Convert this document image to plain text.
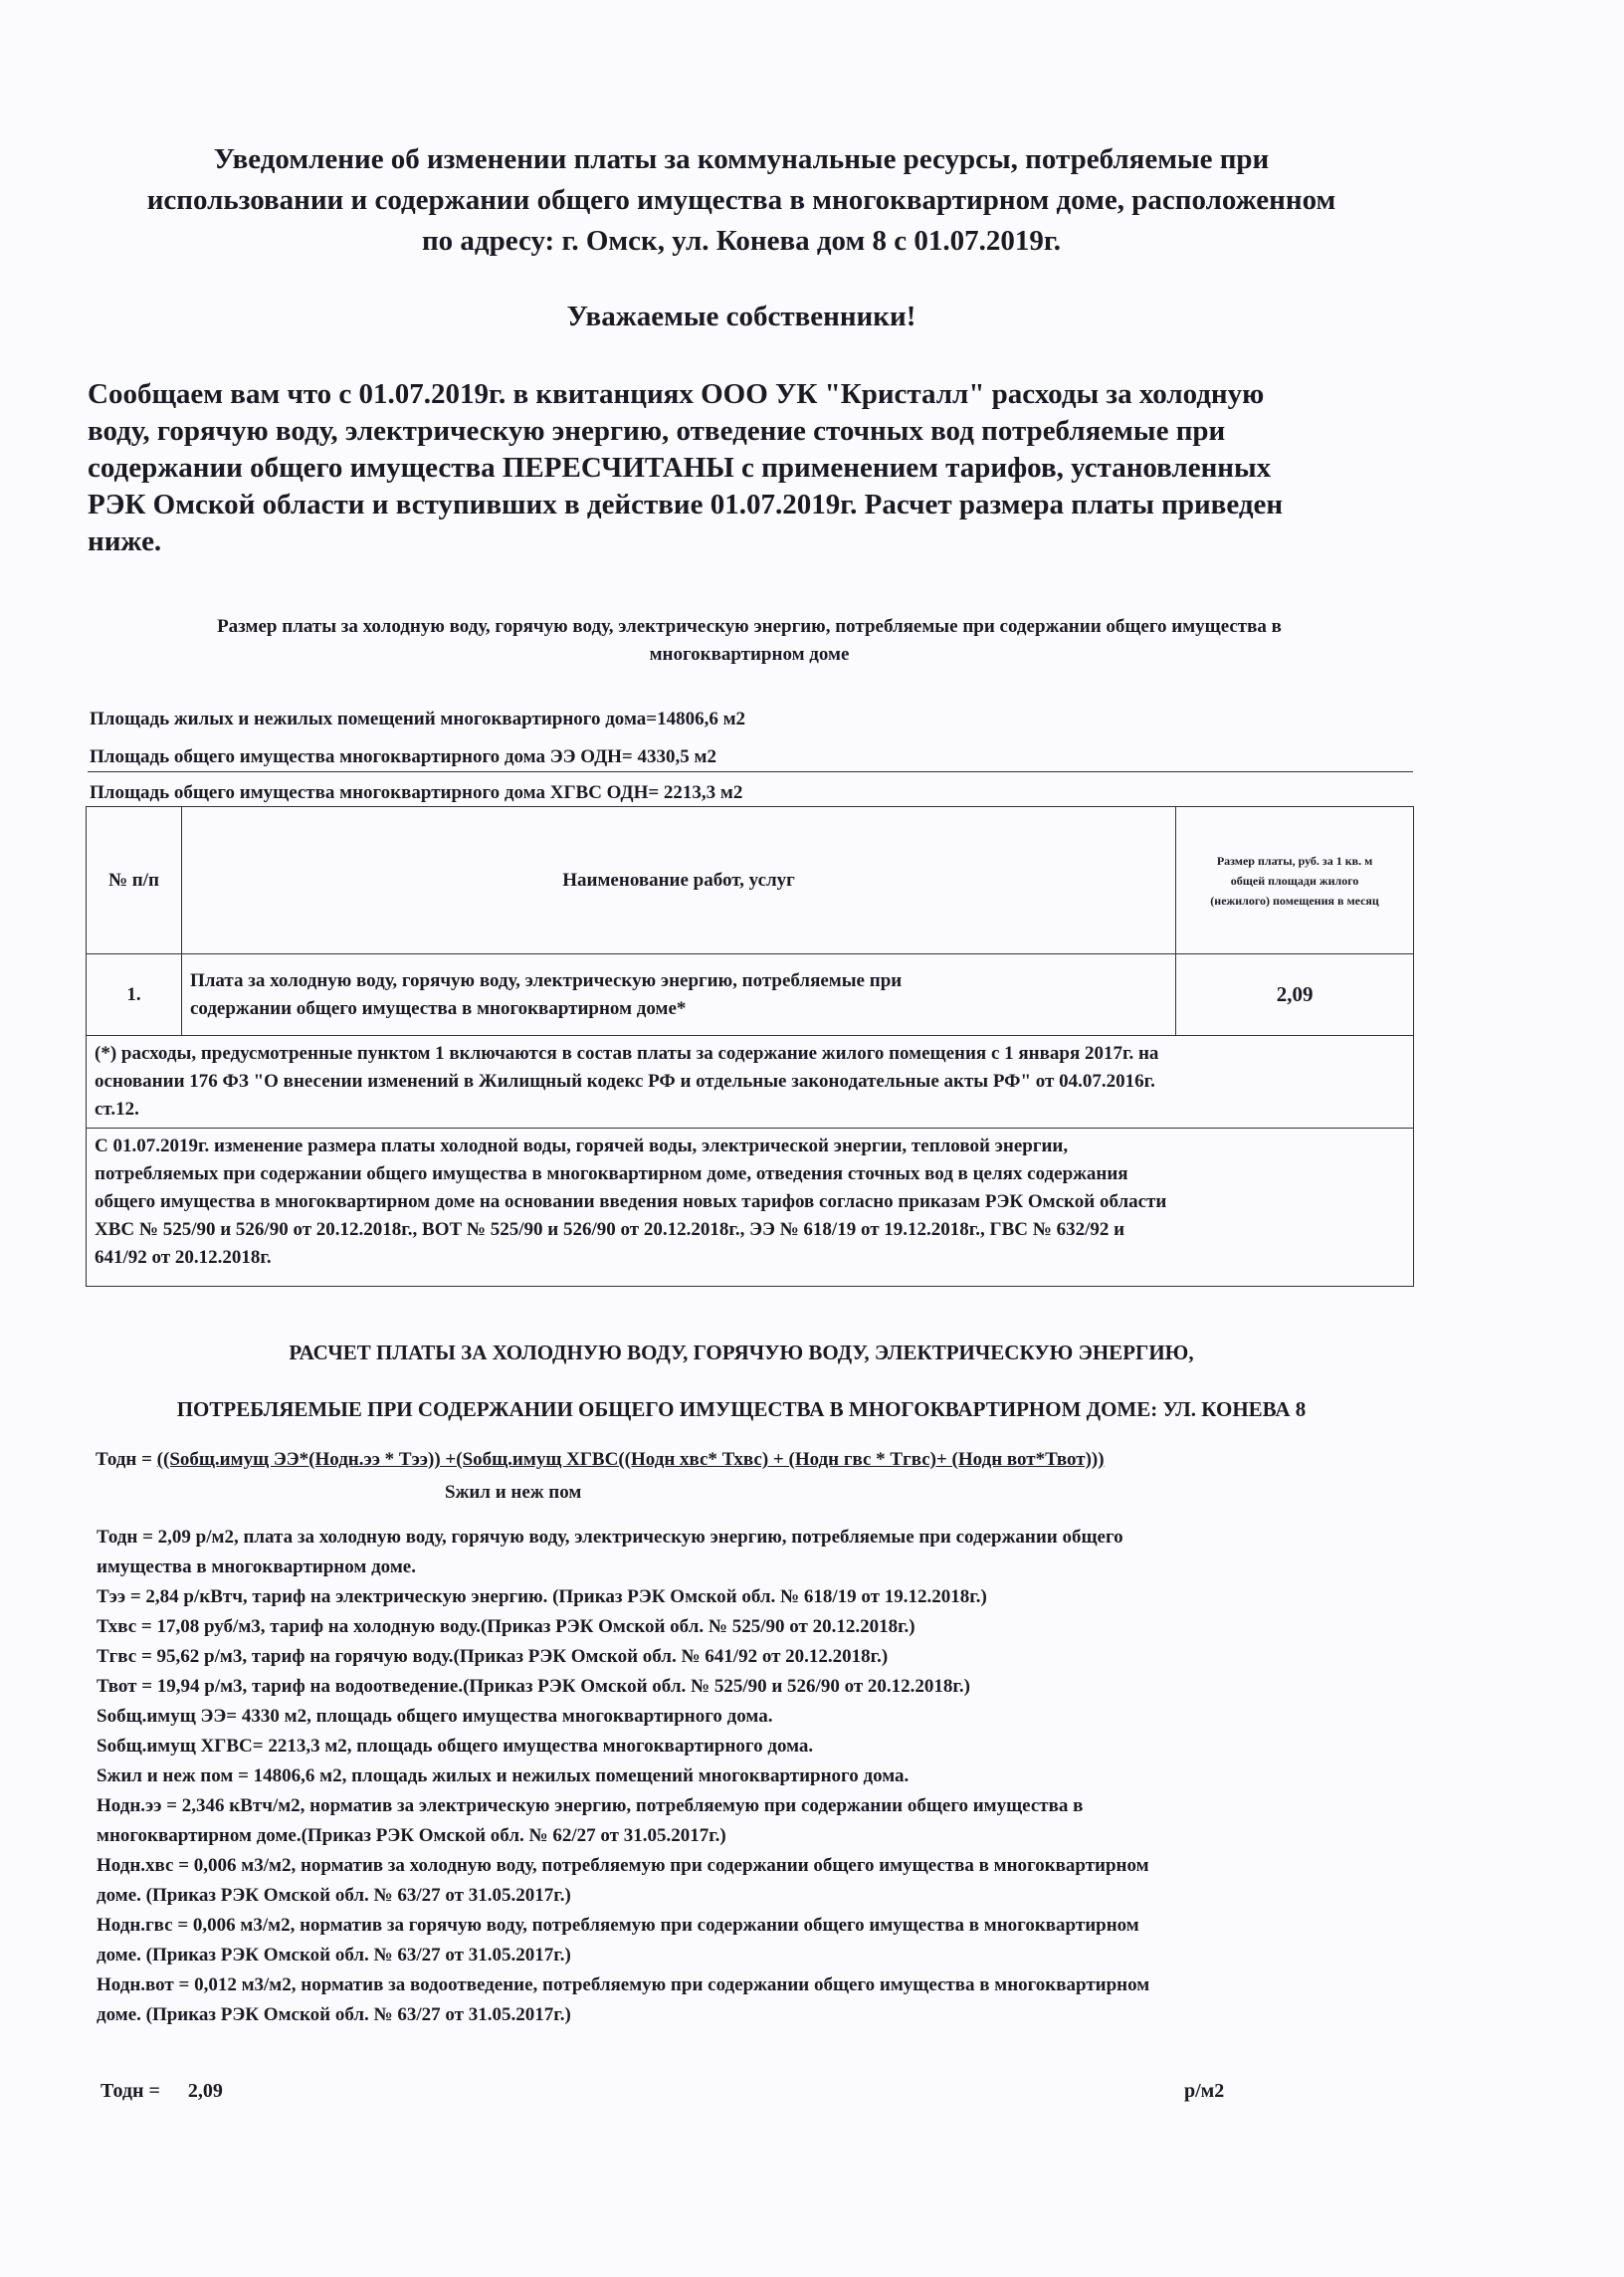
Уведомление об изменении платы за коммунальные ресурсы, потребляемые при
использовании и содержании общего имущества в многоквартирном доме, расположенном
по адресу: г. Омск, ул. Конева дом 8 с 01.07.2019г.
Уважаемые собственники!
Сообщаем вам что с 01.07.2019г. в квитанциях ООО УК "Кристалл" расходы за холодную
воду, горячую воду, электрическую энергию, отведение сточных вод потребляемые при
содержании общего имущества ПЕРЕСЧИТАНЫ с применением тарифов, установленных
РЭК Омской области и вступивших в действие 01.07.2019г. Расчет размера платы приведен
ниже.
Размер платы за холодную воду, горячую воду, электрическую энергию, потребляемые при содержании общего имущества в
многоквартирном доме
Площадь жилых и нежилых помещений многоквартирного дома=14806,6 м2
Площадь общего имущества многоквартирного дома ЭЭ ОДН= 4330,5 м2
Площадь общего имущества многоквартирного дома ХГВС ОДН= 2213,3 м2
№ п/п	Наименование работ, услуг	Размер платы, руб. за 1 кв. м
общей площади жилого
(нежилого) помещения в месяц

1.	Плата за холодную воду, горячую воду, электрическую энергию, потребляемые при
содержании общего имущества в многоквартирном доме*	2,09

(*) расходы, предусмотренные пунктом 1 включаются в состав платы за содержание жилого помещения с 1 января 2017г. на
основании 176 ФЗ "О внесении изменений в Жилищный кодекс РФ и отдельные законодательные акты РФ" от 04.07.2016г.
ст.12.		

С 01.07.2019г. изменение размера платы холодной воды, горячей воды, электрической энергии, тепловой энергии,
потребляемых при содержании общего имущества в многоквартирном доме, отведения сточных вод в целях содержания
общего имущества в многоквартирном доме на основании введения новых тарифов согласно приказам РЭК Омской области
ХВС № 525/90 и 526/90 от 20.12.2018г., ВОТ № 525/90 и 526/90 от 20.12.2018г., ЭЭ № 618/19 от 19.12.2018г., ГВС № 632/92 и
641/92 от 20.12.2018г.		
РАСЧЕТ ПЛАТЫ ЗА ХОЛОДНУЮ ВОДУ, ГОРЯЧУЮ ВОДУ, ЭЛЕКТРИЧЕСКУЮ ЭНЕРГИЮ,
ПОТРЕБЛЯЕМЫЕ ПРИ СОДЕРЖАНИИ ОБЩЕГО ИМУЩЕСТВА В МНОГОКВАРТИРНОМ ДОМЕ: УЛ. КОНЕВА 8
Тодн = ((Sобщ.имущ ЭЭ*(Нодн.ээ * Тээ)) +(Sобщ.имущ ХГВС((Нодн хвс* Тхвс) + (Нодн гвс * Тгвс)+ (Нодн вот*Твот)))
Sжил и неж пом

Тодн = 2,09 р/м2, плата за холодную воду, горячую воду, электрическую энергию, потребляемые при содержании общего

имущества в многоквартирном доме.

Тээ = 2,84 р/кВтч, тариф на электрическую энергию. (Приказ РЭК Омской обл. № 618/19 от 19.12.2018г.)

Тхвс = 17,08 руб/м3, тариф на холодную воду.(Приказ РЭК Омской обл. № 525/90 от 20.12.2018г.)

Тгвс = 95,62 р/м3, тариф на горячую воду.(Приказ РЭК Омской обл. № 641/92 от 20.12.2018г.)

Твот = 19,94 р/м3, тариф на водоотведение.(Приказ РЭК Омской обл. № 525/90 и 526/90 от 20.12.2018г.)

Sобщ.имущ ЭЭ= 4330 м2, площадь общего имущества многоквартирного дома.

Sобщ.имущ ХГВС= 2213,3 м2, площадь общего имущества многоквартирного дома.

Sжил и неж пом = 14806,6 м2, площадь жилых и нежилых помещений многоквартирного дома.

Нодн.ээ = 2,346 кВтч/м2, норматив за электрическую энергию, потребляемую при содержании общего имущества в

многоквартирном доме.(Приказ РЭК Омской обл. № 62/27 от 31.05.2017г.)

Нодн.хвс = 0,006 м3/м2, норматив за холодную воду, потребляемую при содержании общего имущества в многоквартирном

доме. (Приказ РЭК Омской обл. № 63/27 от 31.05.2017г.)

Нодн.гвс = 0,006 м3/м2, норматив за горячую воду, потребляемую при содержании общего имущества в многоквартирном

доме. (Приказ РЭК Омской обл. № 63/27 от 31.05.2017г.)

Нодн.вот = 0,012 м3/м2, норматив за водоотведение, потребляемую при содержании общего имущества в многоквартирном

доме. (Приказ РЭК Омской обл. № 63/27 от 31.05.2017г.)

Тодн = 2,09	р/м2
